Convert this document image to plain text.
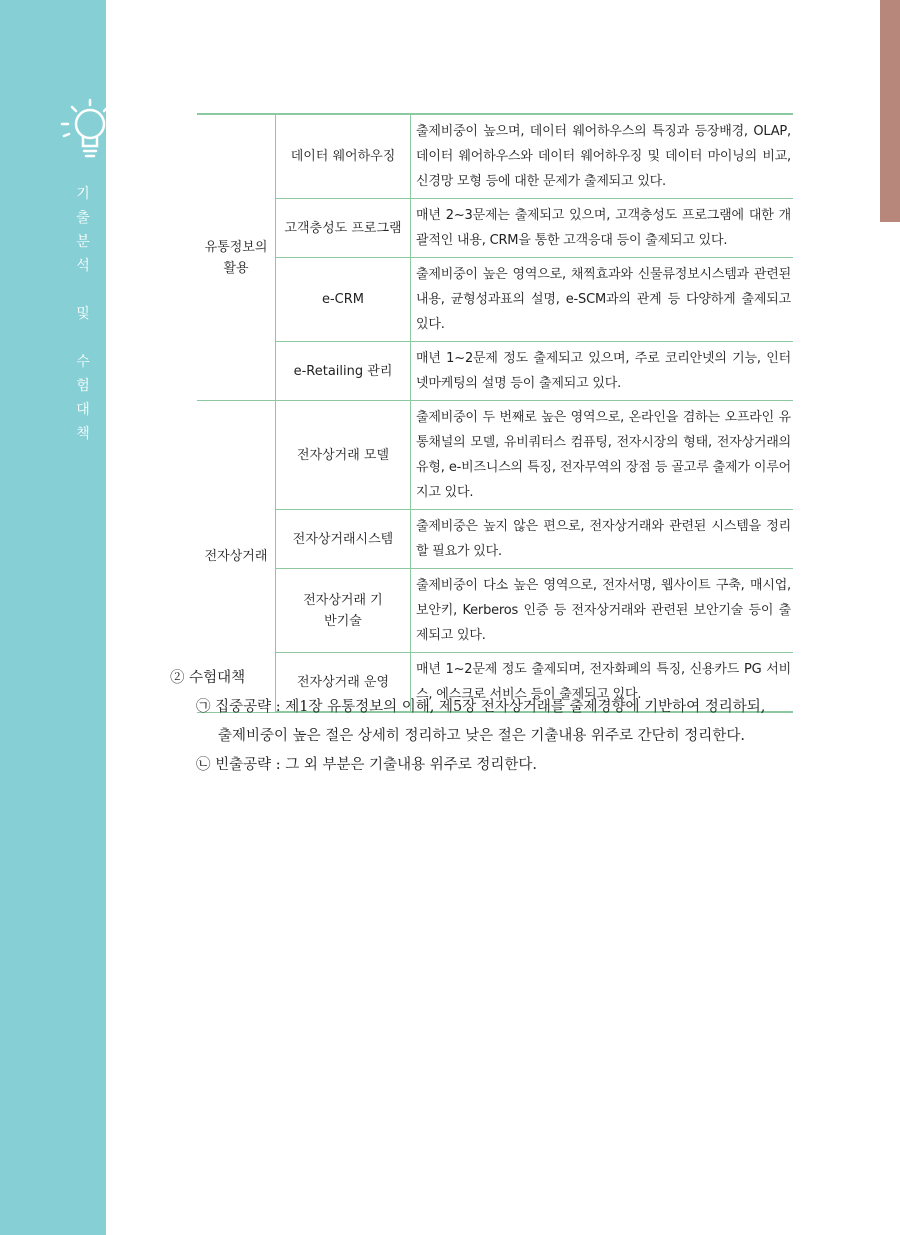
기
출
분
석

및

수
험
대
책
유통정보의 활용	데이터 웨어하우징	출제비중이 높으며, 데이터 웨어하우스의 특징과 등장배경, OLAP, 데이터 웨어하우스와 데이터 웨어하우징 및 데이터 마이닝의 비교, 신경망 모형 등에 대한 문제가 출제되고 있다.
	고객충성도 프로그램	매년 2~3문제는 출제되고 있으며, 고객충성도 프로그램에 대한 개괄적인 내용, CRM을 통한 고객응대 등이 출제되고 있다.
	e-CRM	출제비중이 높은 영역으로, 채찍효과와 신물류정보시스템과 관련된 내용, 균형성과표의 설명, e-SCM과의 관계 등 다양하게 출제되고 있다.
	e-Retailing 관리	매년 1~2문제 정도 출제되고 있으며, 주로 코리안넷의 기능, 인터넷마케팅의 설명 등이 출제되고 있다.
전자상거래	전자상거래 모델	출제비중이 두 번째로 높은 영역으로, 온라인을 겸하는 오프라인 유통채널의 모델, 유비쿼터스 컴퓨팅, 전자시장의 형태, 전자상거래의 유형, e-비즈니스의 특징, 전자무역의 장점 등 골고루 출제가 이루어지고 있다.
	전자상거래시스템	출제비중은 높지 않은 편으로, 전자상거래와 관련된 시스템을 정리할 필요가 있다.
	전자상거래 기반기술	출제비중이 다소 높은 영역으로, 전자서명, 웹사이트 구축, 매시업, 보안키, Kerberos 인증 등 전자상거래와 관련된 보안기술 등이 출제되고 있다.
	전자상거래 운영	매년 1~2문제 정도 출제되며, 전자화폐의 특징, 신용카드 PG 서비스, 에스크로 서비스 등이 출제되고 있다.
② 수험대책
㉠ 집중공략 : 제1장 유통정보의 이해, 제5장 전자상거래를 출제경향에 기반하여 정리하되,
출제비중이 높은 절은 상세히 정리하고 낮은 절은 기출내용 위주로 간단히 정리한다.
㉡ 빈출공략 : 그 외 부분은 기출내용 위주로 정리한다.
